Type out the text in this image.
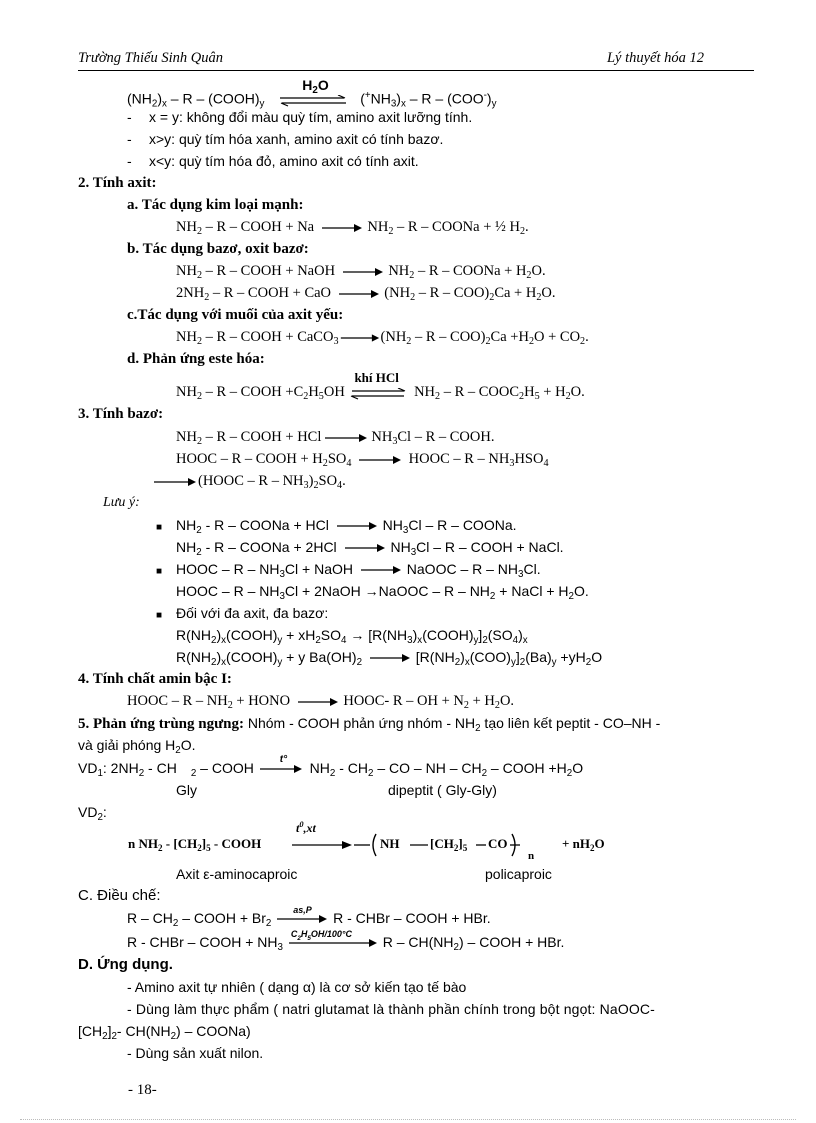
Trường Thiếu Sinh Quân	Lý thuyết hóa 12
$(NH_2)_x$ – R – $(COOH)_y$
$H_2O$
$(^+NH_3)_x$ – R – $(COO^-)_y$
- x = y: không đổi màu quỳ tím, amino axit lưỡng tính.
- x>y: quỳ tím hóa xanh, amino axit có tính bazơ.
- x<y: quỳ tím hóa đỏ, amino axit có tính axit.
2. Tính axit:
a. Tác dụng kim loại mạnh:
$NH_2$ – R – COOH + Na	$NH_2$ – R – COONa + ½ $H_2$.
b. Tác dụng bazơ, oxit bazơ:
$NH_2$ – R – COOH + NaOH	$NH_2$ – R – COONa + $H_2O$.
$2NH_2$ – R – COOH + CaO	$(NH_2 - R - COO)_2Ca + H_2O$.
c.Tác dụng với muối của axit yếu:
$NH_2$ – R – COOH + CaCO$_3$	$(NH_2 - R - COO)_2Ca +H_2O + CO_2$.
d. Phản ứng este hóa:
$NH_2$ – R – COOH $+C_2H_5OH$
khí HCl
$NH_2$ – $R - COOC_2H_5 + H_2O$.
3. Tính bazơ:
$NH_2$ – R – COOH + HCl	$NH_3Cl$ – R – COOH.
HOOC – R – COOH + $H_2SO_4$	HOOC – R – $NH_3HSO_4$
(HOOC – R – $NH_3)_2SO_4$.
Lưu ý:
■ $NH_2$ - R – COONa + HCl	$NH_3Cl$ – R – COONa.
$NH_2$ - R – COONa + 2HCl	$NH_3Cl$ – R – COOH + NaCl.
■ HOOC – R – $NH_3Cl$ + NaOH	NaOOC – R – $NH_3Cl$.
HOOC – R – $NH_3Cl$ + 2NaOH →NaOOC – R – $NH_2$ + NaCl + $H_2O$.
■ Đối với đa axit, đa bazơ:
$R(NH_2)_x(COOH)_y + xH_2SO_4$ → $[R(NH_3)_x(COOH)_y]_2(SO_4)_x$
$R(NH_2)_x(COOH)_y + y$ $Ba(OH)_2$	$[R(NH_2)_x(COO)_y]_2(Ba)_y +yH_2O$
4. Tính chất amin bậc I:
HOOC – R – $NH_2$ + HONO	HOOC- R – OH + $N_2 + H_2O$.
5. Phản ứng trùng ngưng: Nhóm - COOH phản ứng nhóm - $NH_2$ tạo liên kết peptit - CO–NH -
và giải phóng $H_2O$.
$VD_1$: $2NH_2$ - CH $_2$ – COOH
t°
$NH_2 - CH_2$ – CO – NH – $CH_2$ – COOH $+H_2O$
Gly	dipeptit ( Gly-Gly)
$VD_2$:
n $NH_2 - [CH_2]_5$ - COOH
$t^0,xt$
NH $[CH_2]_5$ CO
n
+ $nH_2O$
Axit ε-aminocaproic	policaproic
C. Điều chế:
R – $CH_2$ – COOH + $Br_2$
as,P R - CHBr – COOH + HBr.
R - CHBr – COOH + $NH_3$
$C_2H_5OH/100^\circ C$ R – $CH(NH_2)$ – COOH + HBr.
D. Ứng dụng.
- Amino axit tự nhiên ( dạng α) là cơ sở kiến tạo tế bào
- Dùng làm thực phẩm ( natri glutamat là thành phần chính trong bột ngọt: NaOOC-
$[CH_2]_2-$ $CH(NH_2)$ – COONa)
- Dùng sản xuất nilon.
- 18-
